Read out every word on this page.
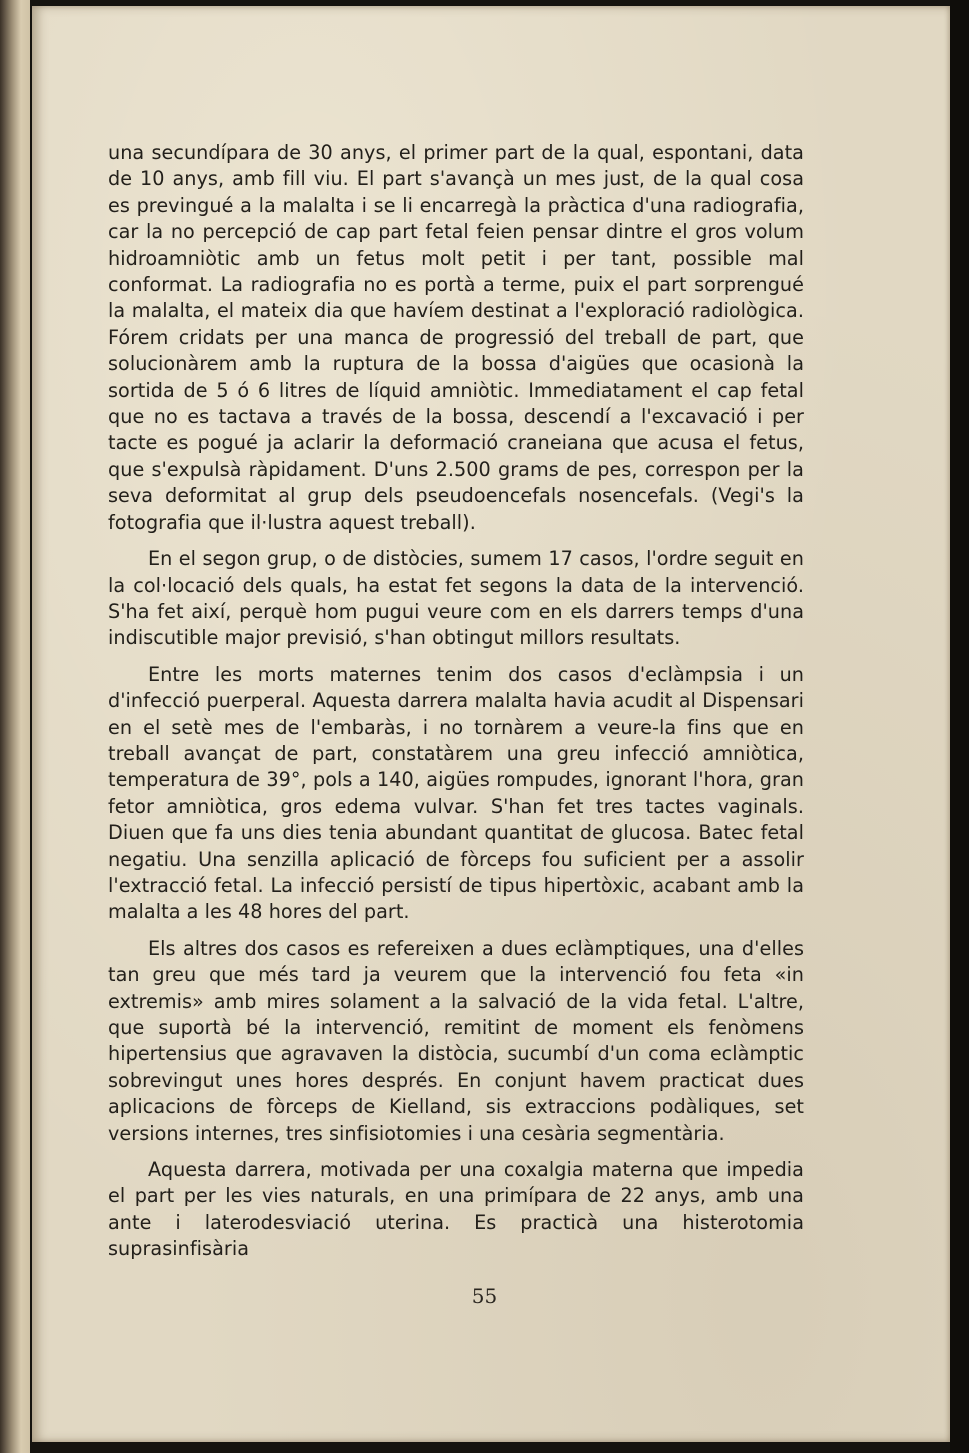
una secundípara de 30 anys, el primer part de la qual, espontani, data de 10 anys, amb fill viu. El part s'avançà un mes just, de la qual cosa es previngué a la malalta i se li encarregà la pràctica d'una radiografia, car la no percepció de cap part fetal feien pensar dintre el gros volum hidroamniòtic amb un fetus molt petit i per tant, possible mal conformat. La radiografia no es portà a terme, puix el part sorprengué la malalta, el mateix dia que havíem destinat a l'exploració radiològica. Fórem cridats per una manca de progressió del treball de part, que solucionàrem amb la ruptura de la bossa d'aigües que ocasionà la sortida de 5 ó 6 litres de líquid amniòtic. Immediatament el cap fetal que no es tactava a través de la bossa, descendí a l'excavació i per tacte es pogué ja aclarir la deformació craneiana que acusa el fetus, que s'expulsà ràpidament. D'uns 2.500 grams de pes, correspon per la seva deformitat al grup dels pseudoencefals nosencefals. (Vegi's la fotografia que il·lustra aquest treball).

En el segon grup, o de distòcies, sumem 17 casos, l'ordre seguit en la col·locació dels quals, ha estat fet segons la data de la intervenció. S'ha fet així, perquè hom pugui veure com en els darrers temps d'una indiscutible major previsió, s'han obtingut millors resultats.

Entre les morts maternes tenim dos casos d'eclàmpsia i un d'infecció puerperal. Aquesta darrera malalta havia acudit al Dispensari en el setè mes de l'embaràs, i no tornàrem a veure-la fins que en treball avançat de part, constatàrem una greu infecció amniòtica, temperatura de 39°, pols a 140, aigües rompudes, ignorant l'hora, gran fetor amniòtica, gros edema vulvar. S'han fet tres tactes vaginals. Diuen que fa uns dies tenia abundant quantitat de glucosa. Batec fetal negatiu. Una senzilla aplicació de fòrceps fou suficient per a assolir l'extracció fetal. La infecció persistí de tipus hipertòxic, acabant amb la malalta a les 48 hores del part.

Els altres dos casos es refereixen a dues eclàmptiques, una d'elles tan greu que més tard ja veurem que la intervenció fou feta «in extremis» amb mires solament a la salvació de la vida fetal. L'altre, que suportà bé la intervenció, remitint de moment els fenòmens hipertensius que agravaven la distòcia, sucumbí d'un coma eclàmptic sobrevingut unes hores després. En conjunt havem practicat dues aplicacions de fòrceps de Kielland, sis extraccions podàliques, set versions internes, tres sinfisiotomies i una cesària segmentària.

Aquesta darrera, motivada per una coxalgia materna que impedia el part per les vies naturals, en una primípara de 22 anys, amb una ante i laterodesviació uterina. Es practicà una histerotomia suprasinfisària

55
